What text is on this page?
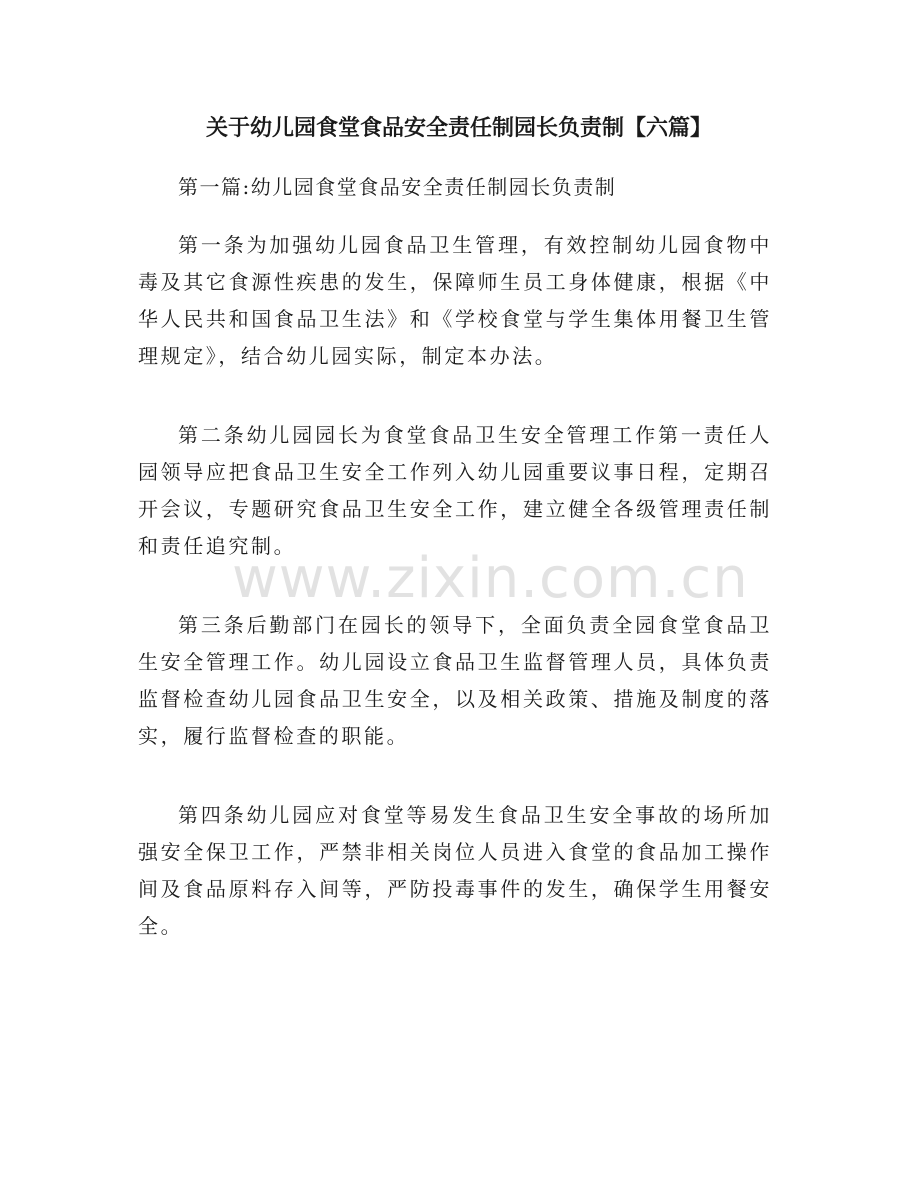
关于幼儿园食堂食品安全责任制园长负责制【六篇】
第一篇:幼儿园食堂食品安全责任制园长负责制

第一条为加强幼儿园食品卫生管理，有效控制幼儿园食物中毒及其它食源性疾患的发生，保障师生员工身体健康，根据《中华人民共和国食品卫生法》和《学校食堂与学生集体用餐卫生管理规定》，结合幼儿园实际，制定本办法。

第二条幼儿园园长为食堂食品卫生安全管理工作第一责任人园领导应把食品卫生安全工作列入幼儿园重要议事日程，定期召开会议，专题研究食品卫生安全工作，建立健全各级管理责任制和责任追究制。

第三条后勤部门在园长的领导下，全面负责全园食堂食品卫生安全管理工作。幼儿园设立食品卫生监督管理人员，具体负责监督检查幼儿园食品卫生安全，以及相关政策、措施及制度的落实，履行监督检查的职能。

第四条幼儿园应对食堂等易发生食品卫生安全事故的场所加强安全保卫工作，严禁非相关岗位人员进入食堂的食品加工操作间及食品原料存入间等，严防投毒事件的发生，确保学生用餐安全。

www.zixin.com.cn
